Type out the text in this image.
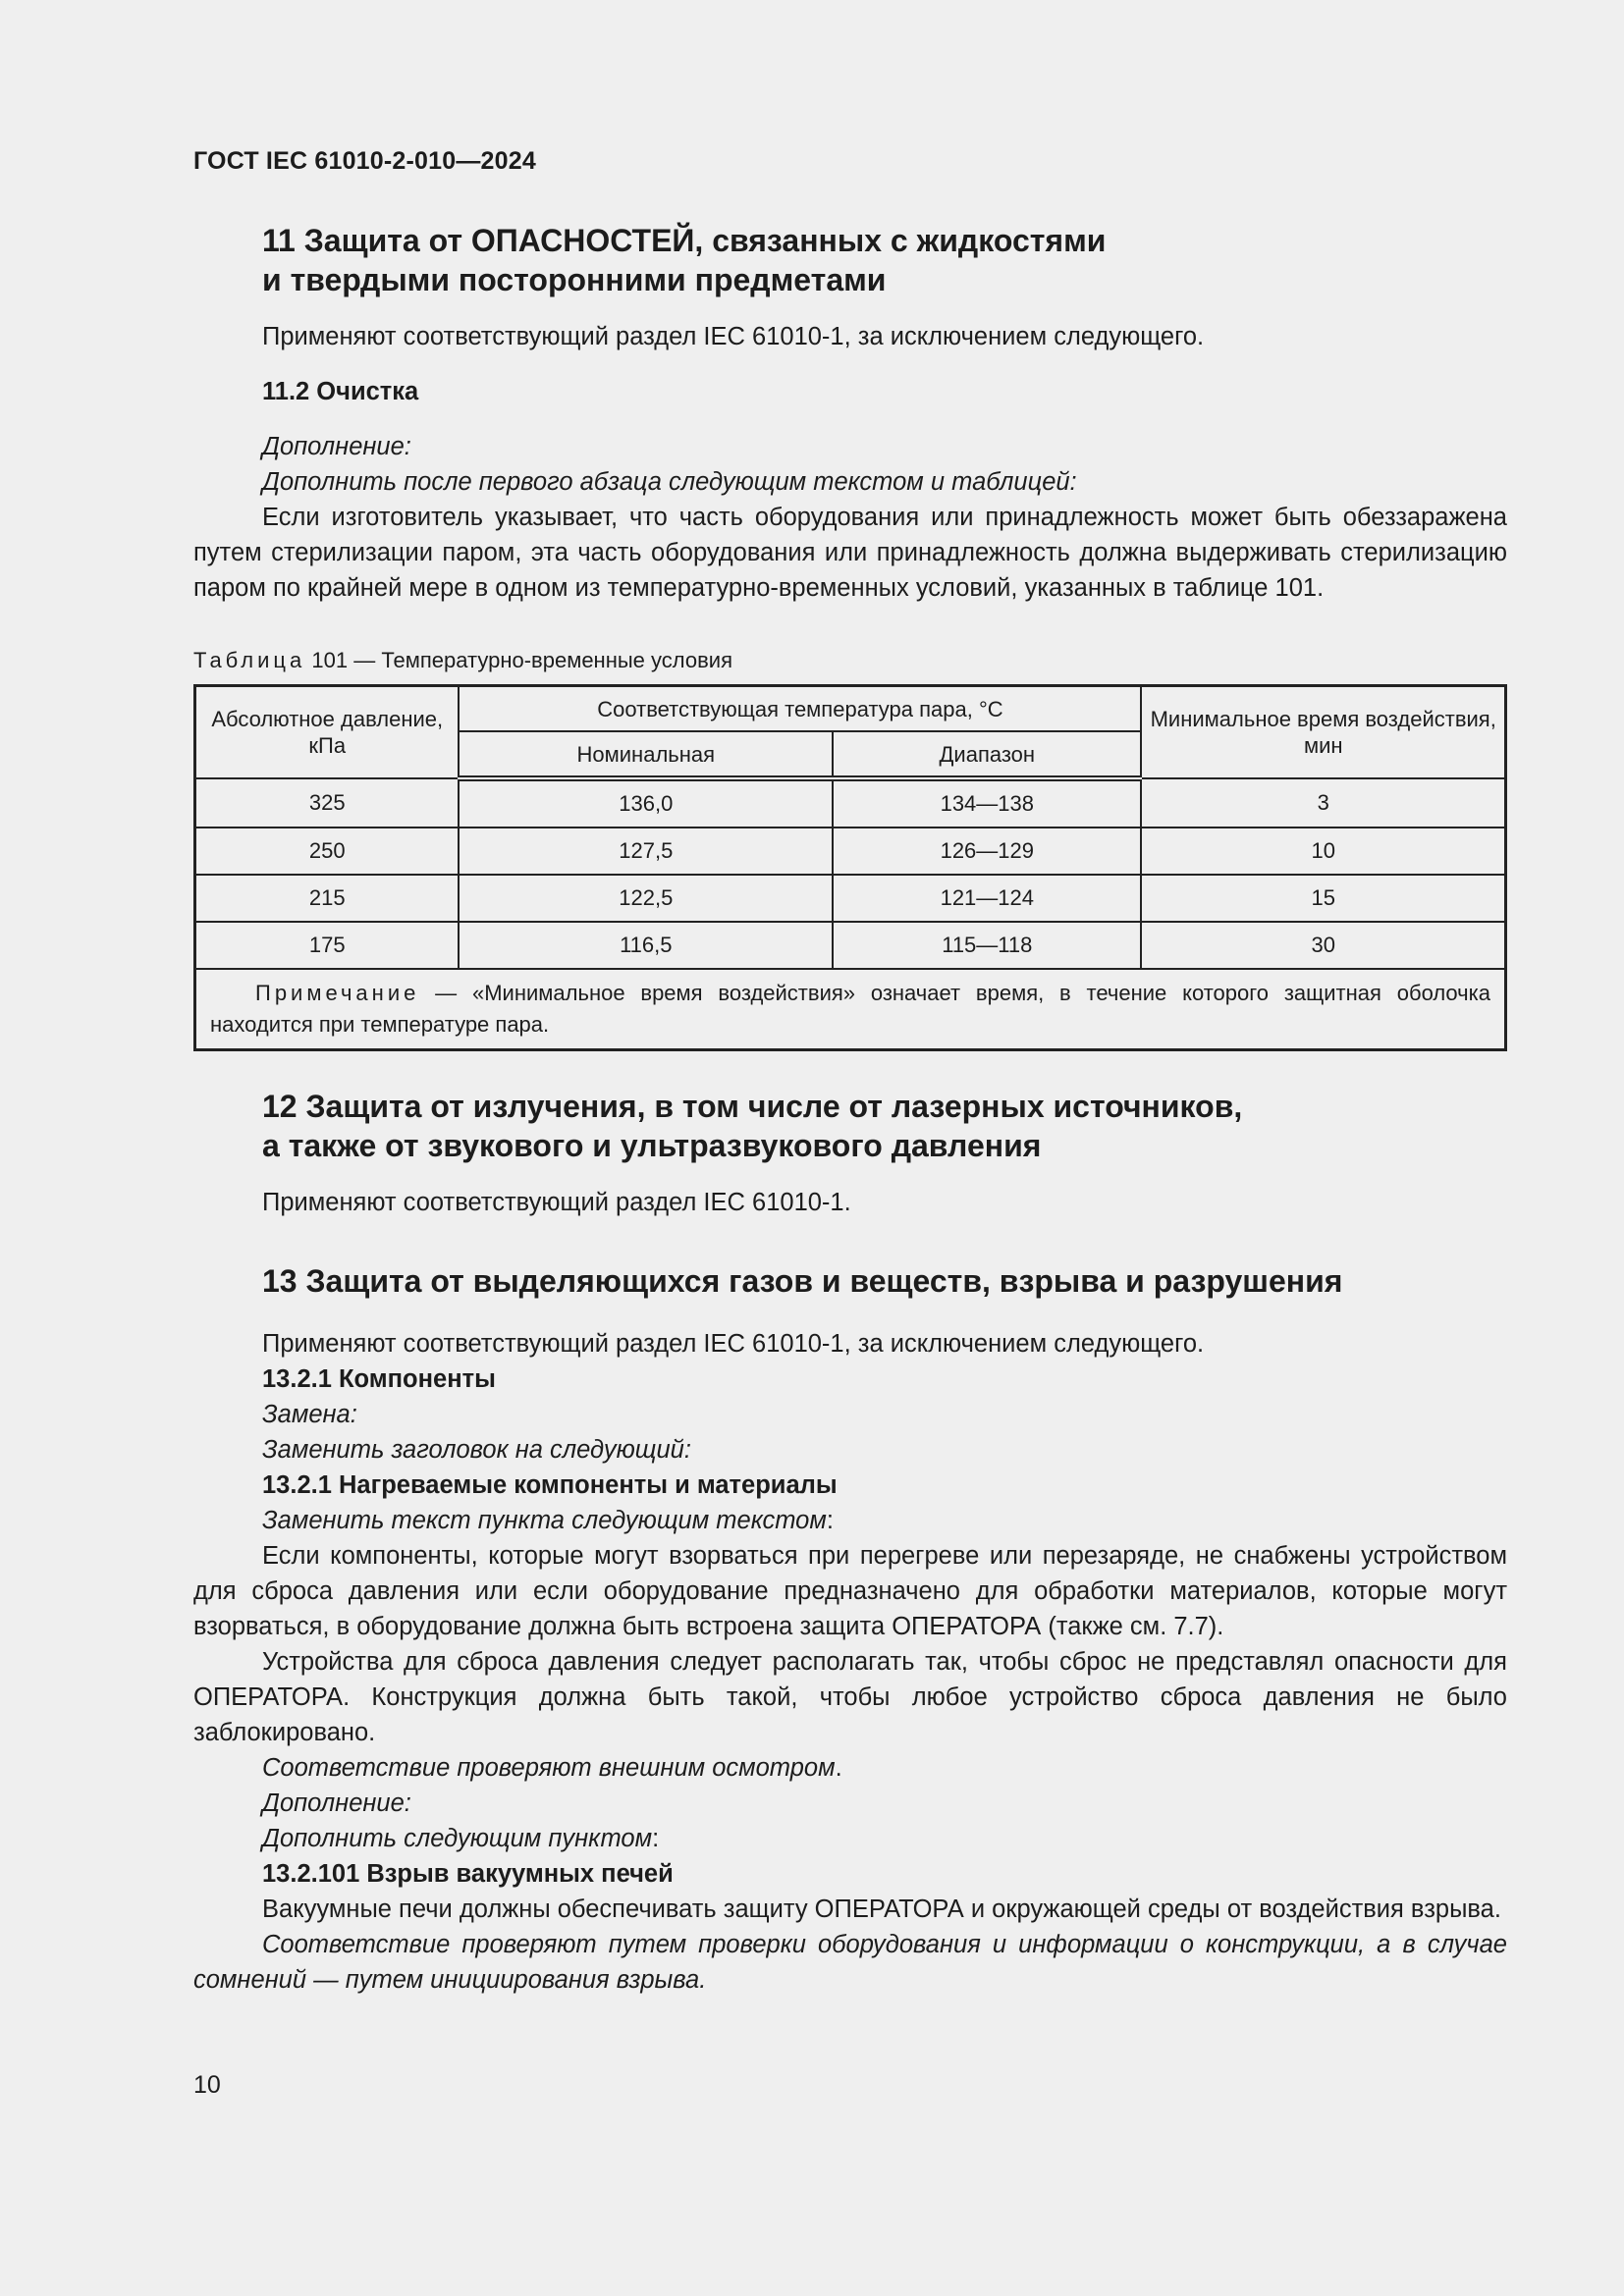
ГОСТ IEC 61010-2-010—2024
11 Защита от ОПАСНОСТЕЙ, связанных с жидкостями
и твердыми посторонними предметами

Применяют соответствующий раздел IEC 61010-1, за исключением следующего.

11.2 Очистка

Дополнение:

Дополнить после первого абзаца следующим текстом и таблицей:

Если изготовитель указывает, что часть оборудования или принадлежность может быть обеззаражена путем стерилизации паром, эта часть оборудования или принадлежность должна выдерживать стерилизацию паром по крайней мере в одном из температурно-временных условий, указанных в таблице 101.

Таблица 101 — Температурно-временные условия
Абсолютное давление, кПа	Соответствующая температура пара, °С		Минимальное время воздействия, мин
	Номинальная	Диапазон	
325	136,0	134—138	3
250	127,5	126—129	10
215	122,5	121—124	15
175	116,5	115—118	30
Примечание — «Минимальное время воздействия» означает время, в течение которого защитная оболочка находится при температуре пара.			
12 Защита от излучения, в том числе от лазерных источников,
а также от звукового и ультразвукового давления

Применяют соответствующий раздел IEC 61010-1.

13 Защита от выделяющихся газов и веществ, взрыва и разрушения

Применяют соответствующий раздел IEC 61010-1, за исключением следующего.

13.2.1 Компоненты

Замена:

Заменить заголовок на следующий:

13.2.1 Нагреваемые компоненты и материалы

Заменить текст пункта следующим текстом:

Если компоненты, которые могут взорваться при перегреве или перезаряде, не снабжены устройством для сброса давления или если оборудование предназначено для обработки материалов, которые могут взорваться, в оборудование должна быть встроена защита ОПЕРАТОРА (также см. 7.7).

Устройства для сброса давления следует располагать так, чтобы сброс не представлял опасности для ОПЕРАТОРА. Конструкция должна быть такой, чтобы любое устройство сброса давления не было заблокировано.

Соответствие проверяют внешним осмотром.

Дополнение:

Дополнить следующим пунктом:

13.2.101 Взрыв вакуумных печей

Вакуумные печи должны обеспечивать защиту ОПЕРАТОРА и окружающей среды от воздействия взрыва.

Соответствие проверяют путем проверки оборудования и информации о конструкции, а в случае сомнений — путем инициирования взрыва.

10
